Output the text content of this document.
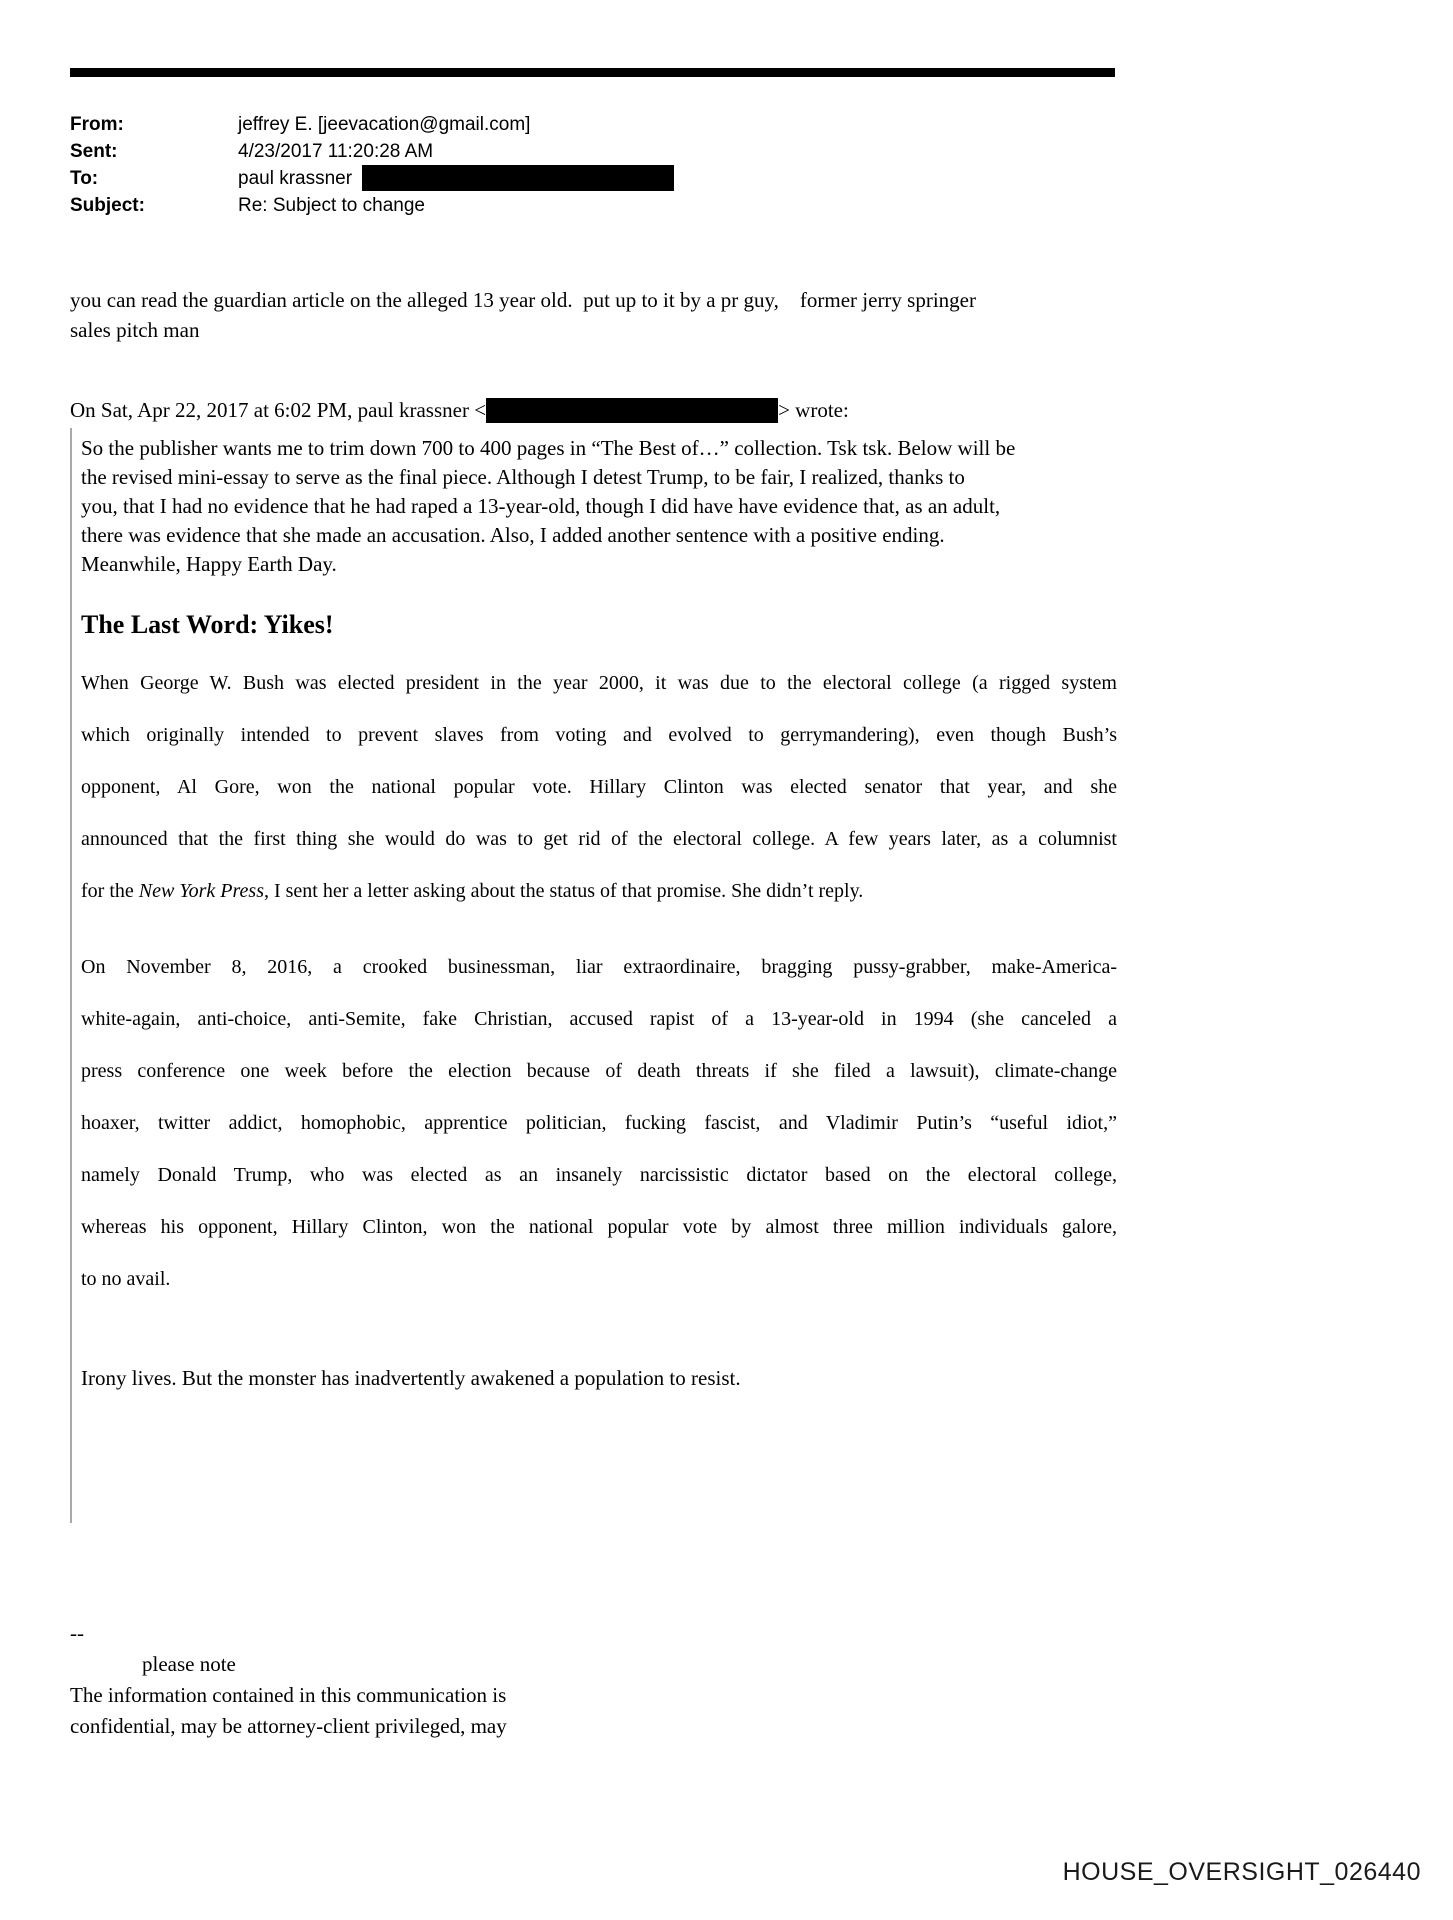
From:	jeffrey E. [jeevacation@gmail.com]
Sent:	4/23/2017 11:20:28 AM
To:	paul krassner
Subject:	Re: Subject to change
you can read the guardian article on the alleged 13 year old.  put up to it by a pr guy,    former jerry springer
sales pitch man
On Sat, Apr 22, 2017 at 6:02 PM, paul krassner <	> wrote:
So the publisher wants me to trim down 700 to 400 pages in “The Best of…” collection. Tsk tsk. Below will be
the revised mini-essay to serve as the final piece. Although I detest Trump, to be fair, I realized, thanks to
you, that I had no evidence that he had raped a 13-year-old, though I did have have evidence that, as an adult,
there was evidence that she made an accusation. Also, I added another sentence with a positive ending.
Meanwhile, Happy Earth Day.
The Last Word: Yikes!
When George W. Bush was elected president in the year 2000, it was due to the electoral college (a rigged system
which originally intended to prevent slaves from voting and evolved to gerrymandering), even though Bush’s
opponent, Al Gore, won the national popular vote. Hillary Clinton was elected senator that year, and she
announced that the first thing she would do was to get rid of the electoral college. A few years later, as a columnist
for the New York Press, I sent her a letter asking about the status of that promise. She didn’t reply.
On November 8, 2016, a crooked businessman, liar extraordinaire, bragging pussy-grabber, make-America-
white-again, anti-choice, anti-Semite, fake Christian, accused rapist of a 13-year-old in 1994 (she canceled a
press conference one week before the election because of death threats if she filed a lawsuit), climate-change
hoaxer, twitter addict, homophobic, apprentice politician, fucking fascist, and Vladimir Putin’s “useful idiot,”
namely Donald Trump, who was elected as an insanely narcissistic dictator based on the electoral college,
whereas his opponent, Hillary Clinton, won the national popular vote by almost three million individuals galore,
to no avail.
Irony lives. But the monster has inadvertently awakened a population to resist.
--
please note
The information contained in this communication is
confidential, may be attorney-client privileged, may
HOUSE_OVERSIGHT_026440
